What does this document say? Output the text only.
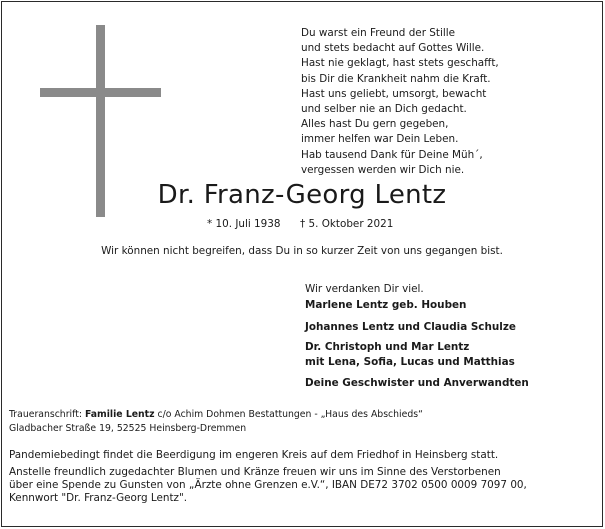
Du warst ein Freund der Stille
und stets bedacht auf Gottes Wille.
Hast nie geklagt, hast stets geschafft,
bis Dir die Krankheit nahm die Kraft.
Hast uns geliebt, umsorgt, bewacht
und selber nie an Dich gedacht.
Alles hast Du gern gegeben,
immer helfen war Dein Leben.
Hab tausend Dank für Deine Müh´,
vergessen werden wir Dich nie.
Dr. Franz-Georg Lentz
* 10. Juli 1938 † 5. Oktober 2021
Wir können nicht begreifen, dass Du in so kurzer Zeit von uns gegangen bist.
Wir verdanken Dir viel.
Marlene Lentz geb. Houben
Johannes Lentz und Claudia Schulze
Dr. Christoph und Mar Lentz
mit Lena, Sofia, Lucas und Matthias
Deine Geschwister und Anverwandten
Traueranschrift: Familie Lentz c/o Achim Dohmen Bestattungen - „Haus des Abschieds“
Gladbacher Straße 19, 52525 Heinsberg-Dremmen
Pandemiebedingt findet die Beerdigung im engeren Kreis auf dem Friedhof in Heinsberg statt.
Anstelle freundlich zugedachter Blumen und Kränze freuen wir uns im Sinne des Verstorbenen
über eine Spende zu Gunsten von „Ärzte ohne Grenzen e.V.“, IBAN DE72 3702 0500 0009 7097 00,
Kennwort "Dr. Franz-Georg Lentz".
